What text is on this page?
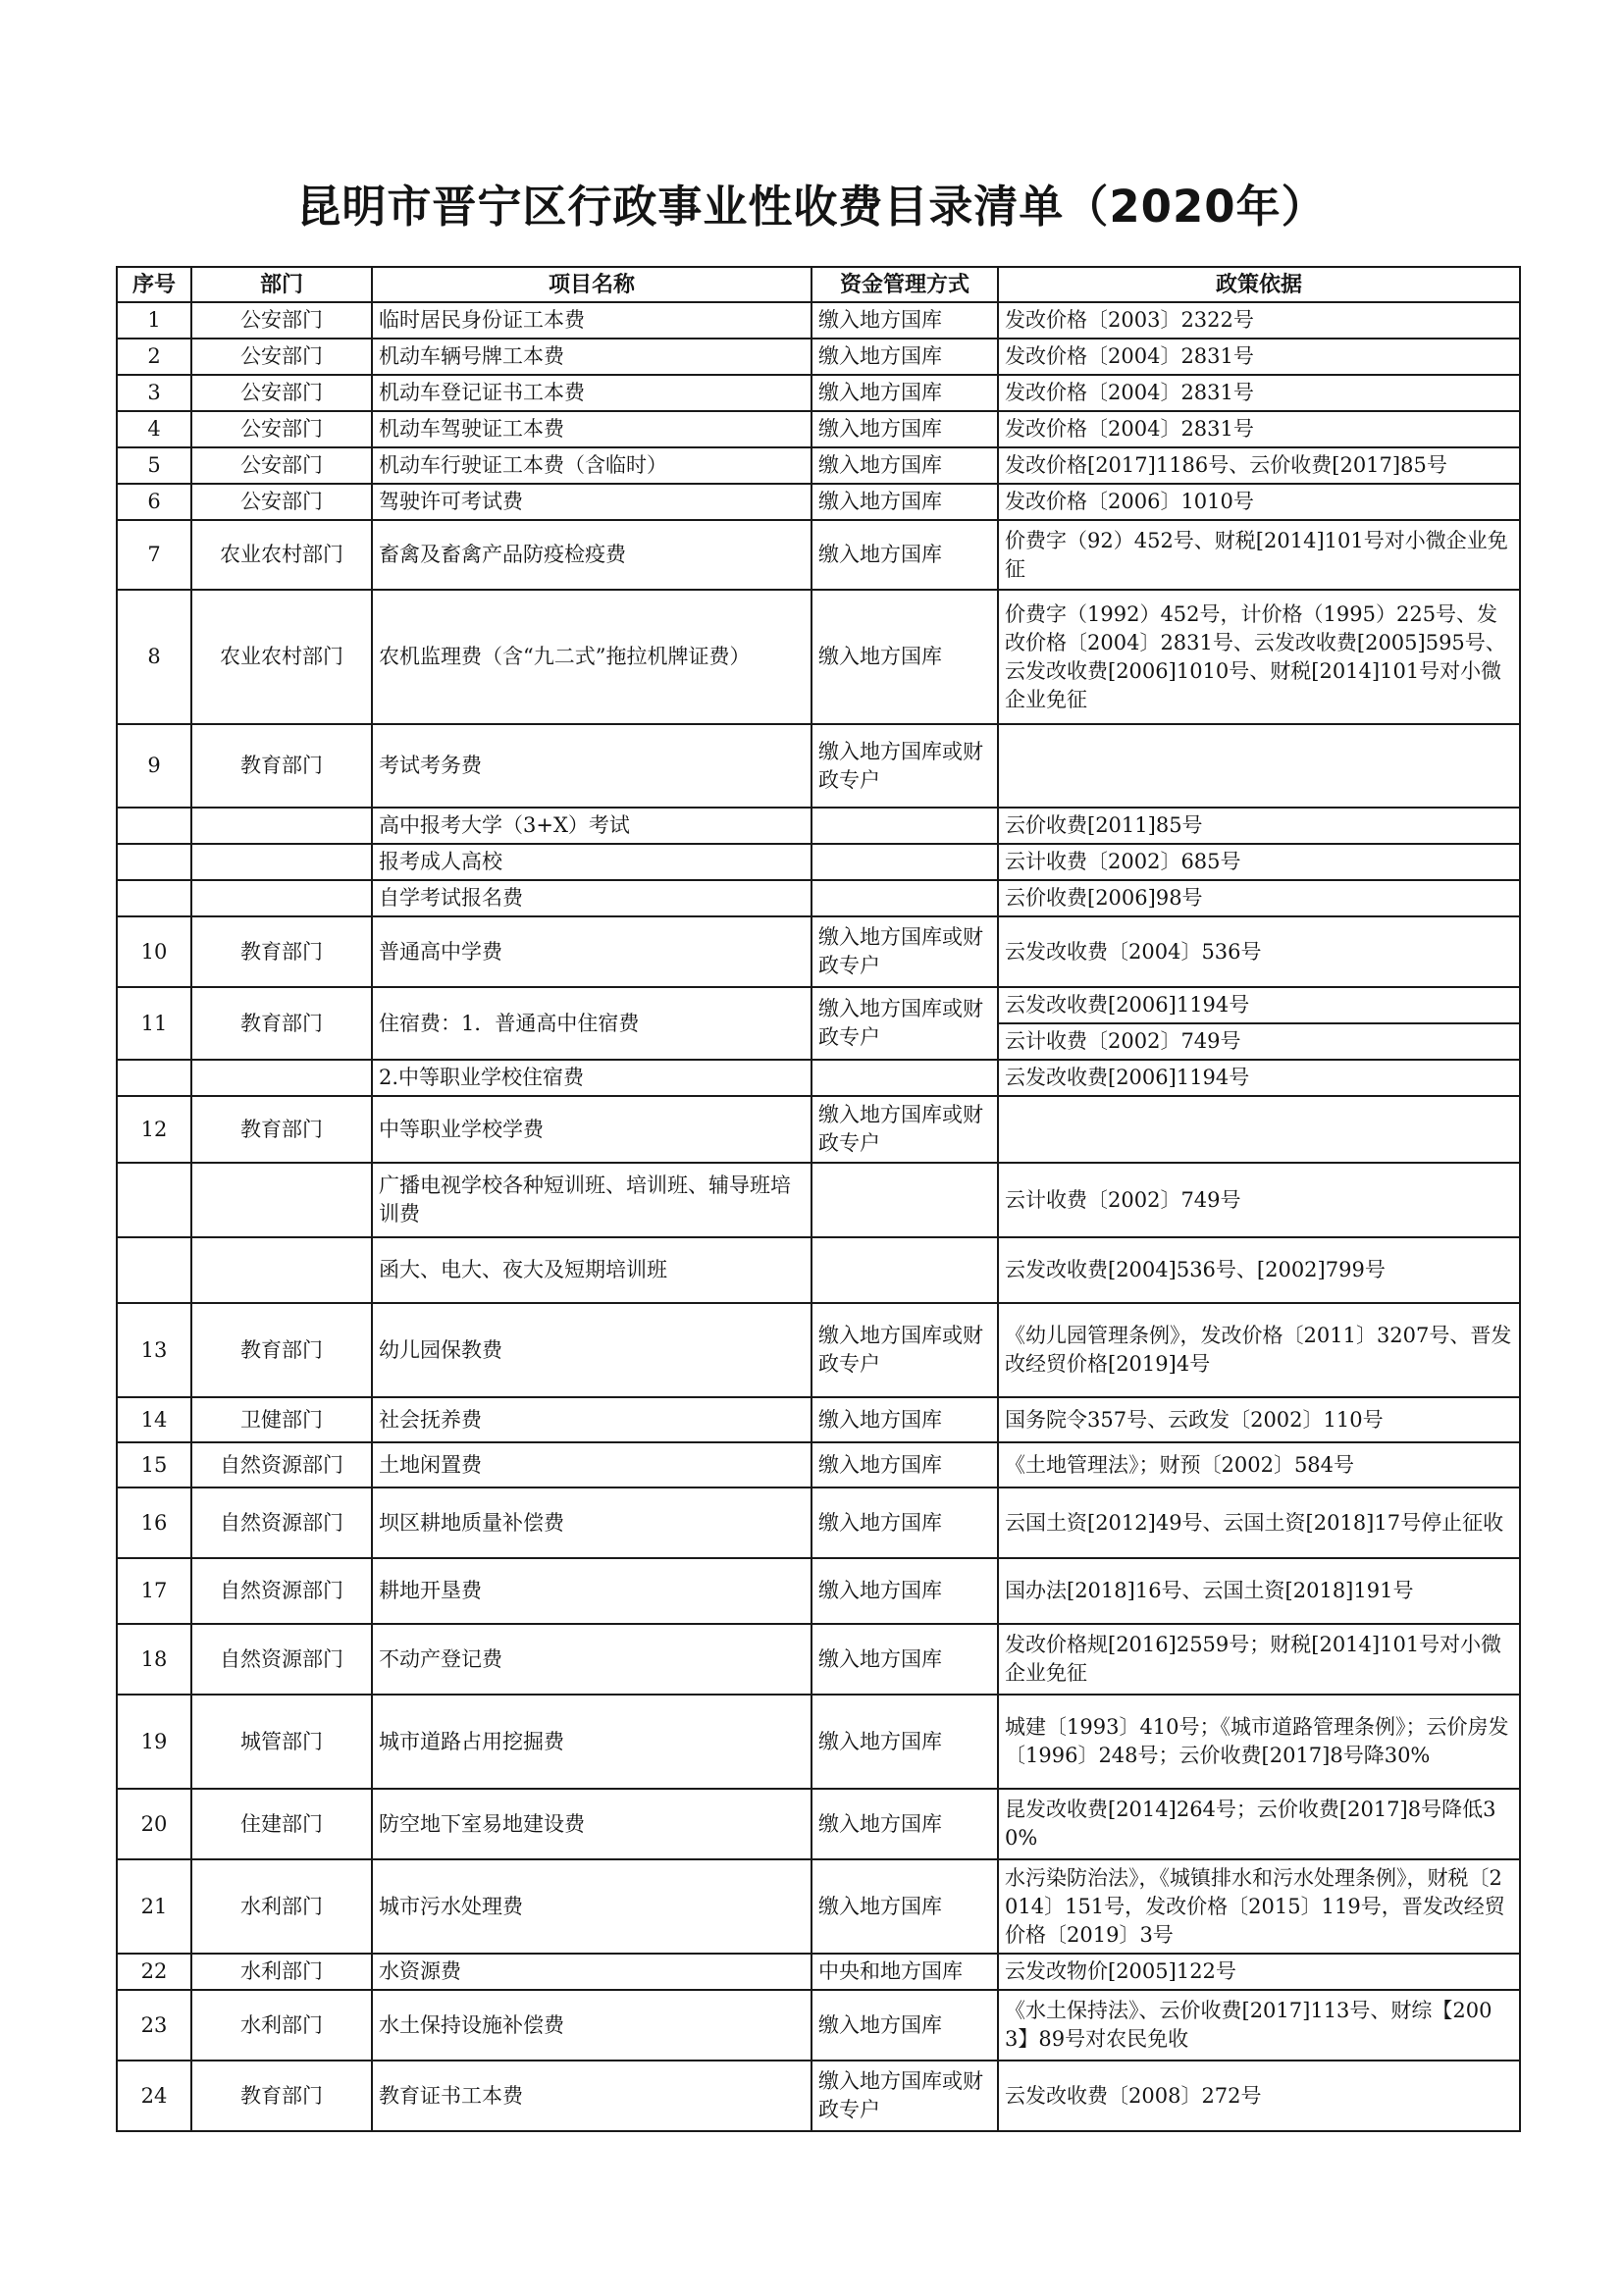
昆明市晋宁区行政事业性收费目录清单（2020年）
序号	部门	项目名称	资金管理方式	政策依据
1	公安部门	临时居民身份证工本费	缴入地方国库	发改价格〔2003〕2322号
2	公安部门	机动车辆号牌工本费	缴入地方国库	发改价格〔2004〕2831号
3	公安部门	机动车登记证书工本费	缴入地方国库	发改价格〔2004〕2831号
4	公安部门	机动车驾驶证工本费	缴入地方国库	发改价格〔2004〕2831号
5	公安部门	机动车行驶证工本费（含临时）	缴入地方国库	发改价格[2017]1186号、云价收费[2017]85号
6	公安部门	驾驶许可考试费	缴入地方国库	发改价格〔2006〕1010号
7	农业农村部门	畜禽及畜禽产品防疫检疫费	缴入地方国库	价费字（92）452号、财税[2014]101号对小微企业免征
8	农业农村部门	农机监理费（含“九二式”拖拉机牌证费）	缴入地方国库	价费字（1992）452号，计价格（1995）225号、发改价格〔2004〕2831号、云发改收费[2005]595号、云发改收费[2006]1010号、财税[2014]101号对小微企业免征
9	教育部门	考试考务费	缴入地方国库或财政专户	
		高中报考大学（3+X）考试		云价收费[2011]85号
		报考成人高校		云计收费〔2002〕685号
		自学考试报名费		云价收费[2006]98号
10	教育部门	普通高中学费	缴入地方国库或财政专户	云发改收费〔2004〕536号
11	教育部门	住宿费：1．普通高中住宿费	缴入地方国库或财政专户	云发改收费[2006]1194号
				云计收费〔2002〕749号
		2.中等职业学校住宿费		云发改收费[2006]1194号
12	教育部门	中等职业学校学费	缴入地方国库或财政专户	
		广播电视学校各种短训班、培训班、辅导班培训费		云计收费〔2002〕749号
		函大、电大、夜大及短期培训班		云发改收费[2004]536号、[2002]799号
13	教育部门	幼儿园保教费	缴入地方国库或财政专户	《幼儿园管理条例》，发改价格〔2011〕3207号、晋发改经贸价格[2019]4号
14	卫健部门	社会抚养费	缴入地方国库	国务院令357号、云政发〔2002〕110号
15	自然资源部门	土地闲置费	缴入地方国库	《土地管理法》；财预〔2002〕584号
16	自然资源部门	坝区耕地质量补偿费	缴入地方国库	云国土资[2012]49号、云国土资[2018]17号停止征收
17	自然资源部门	耕地开垦费	缴入地方国库	国办法[2018]16号、云国土资[2018]191号
18	自然资源部门	不动产登记费	缴入地方国库	发改价格规[2016]2559号；财税[2014]101号对小微企业免征
19	城管部门	城市道路占用挖掘费	缴入地方国库	城建〔1993〕410号；《城市道路管理条例》；云价房发〔1996〕248号；云价收费[2017]8号降30%
20	住建部门	防空地下室易地建设费	缴入地方国库	昆发改收费[2014]264号；云价收费[2017]8号降低30%
21	水利部门	城市污水处理费	缴入地方国库	水污染防治法》，《城镇排水和污水处理条例》，财税〔2014〕151号，发改价格〔2015〕119号，晋发改经贸价格〔2019〕3号
22	水利部门	水资源费	中央和地方国库	云发改物价[2005]122号
23	水利部门	水土保持设施补偿费	缴入地方国库	《水土保持法》、云价收费[2017]113号、财综【2003】89号对农民免收
24	教育部门	教育证书工本费	缴入地方国库或财政专户	云发改收费〔2008〕272号
